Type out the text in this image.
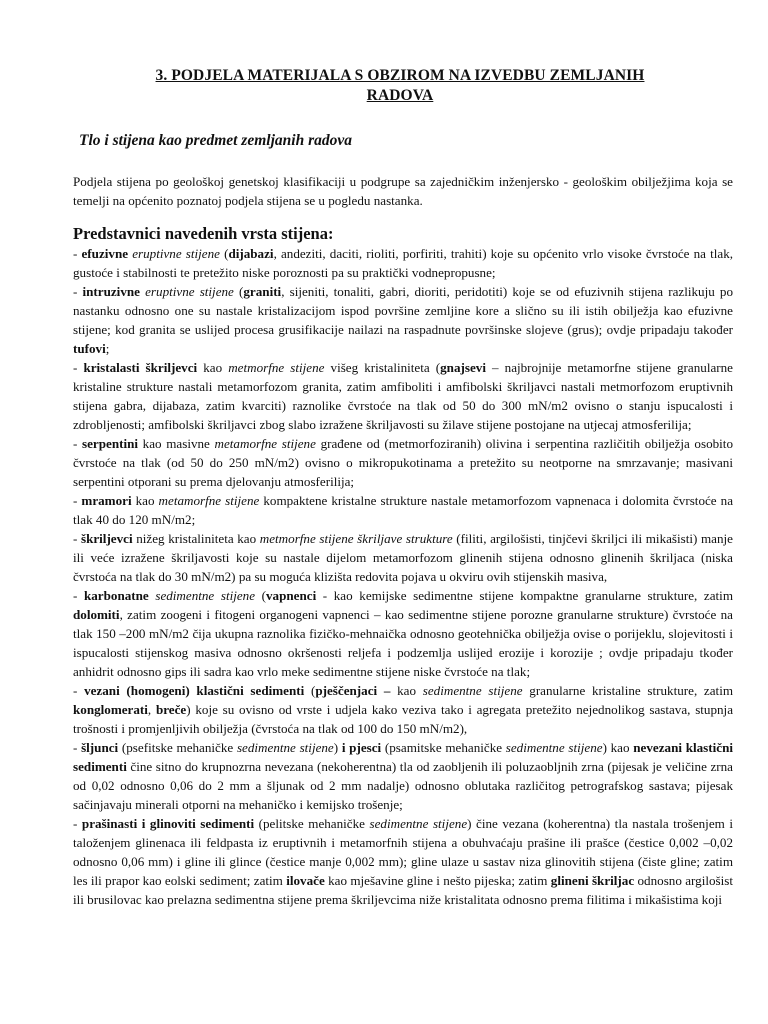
3. PODJELA MATERIJALA S OBZIROM NA IZVEDBU ZEMLJANIH
RADOVA
Tlo i stijena kao predmet zemljanih radova
Podjela stijena po geološkoj genetskoj klasifikaciji u podgrupe sa zajedničkim inženjersko - geološkim obilježjima koja se temelji na općenito poznatoj podjela stijena se u pogledu nastanka.
Predstavnici navedenih vrsta stijena:

- efuzivne eruptivne stijene (dijabazi, andeziti, daciti, rioliti, porfiriti, trahiti) koje su općenito vrlo visoke čvrstoće na tlak, gustoće i stabilnosti te pretežito niske poroznosti pa su praktički vodnepropusne;

- intruzivne eruptivne stijene (graniti, sijeniti, tonaliti, gabri, dioriti, peridotiti) koje se od efuzivnih stijena razlikuju po nastanku odnosno one su nastale kristalizacijom ispod površine zemljine kore a slično su ili istih obilježja kao efuzivne stijene; kod granita se uslijed procesa grusifikacije nailazi na raspadnute površinske slojeve (grus); ovdje pripadaju također tufovi;

- kristalasti škriljevci kao metmorfne stijene višeg kristaliniteta (gnajsevi – najbrojnije metamorfne stijene granularne kristaline strukture nastali metamorfozom granita, zatim amfiboliti i amfibolski škriljavci nastali metmorfozom eruptivnih stijena gabra, dijabaza, zatim kvarciti) raznolike čvrstoće na tlak od 50 do 300 mN/m2 ovisno o stanju ispucalosti i zdrobljenosti; amfibolski škriljavci zbog slabo izražene škriljavosti su žilave stijene postojane na utjecaj atmosferilija;

- serpentini kao masivne metamorfne stijene građene od (metmorfoziranih) olivina i serpentina različitih obilježja osobito čvrstoće na tlak (od 50 do 250 mN/m2) ovisno o mikropukotinama a pretežito su neotporne na smrzavanje; masivani serpentini otporani su prema djelovanju atmosferilija;

- mramori kao metamorfne stijene kompaktene kristalne strukture nastale metamorfozom vapnenaca i dolomita čvrstoće na tlak 40 do 120 mN/m2;

- škriljevci nižeg kristaliniteta kao metmorfne stijene škriljave strukture (filiti, argilošisti, tinjčevi škriljci ili mikašisti) manje ili veće izražene škriljavosti koje su nastale dijelom metamorfozom glinenih stijena odnosno glinenih škriljaca (niska čvrstoća na tlak do 30 mN/m2) pa su moguća klizišta redovita pojava u okviru ovih stijenskih masiva,

- karbonatne sedimentne stijene (vapnenci - kao kemijske sedimentne stijene kompaktne granularne strukture, zatim dolomiti, zatim zoogeni i fitogeni organogeni vapnenci – kao sedimentne stijene porozne granularne strukture) čvrstoće na tlak 150 –200 mN/m2 čija ukupna raznolika fizičko-mehnaička odnosno geotehnička obilježja ovise o porijeklu, slojevitosti i ispucalosti stijenskog masiva odnosno okršenosti reljefa i podzemlja uslijed erozije i korozije ; ovdje pripadaju tkođer anhidrit odnosno gips ili sadra kao vrlo meke sedimentne stijene niske čvrstoće na tlak;

- vezani (homogeni) klastični sedimenti (pješčenjaci – kao sedimentne stijene granularne kristaline strukture, zatim konglomerati, breče) koje su ovisno od vrste i udjela kako veziva tako i agregata pretežito nejednolikog sastava, stupnja trošnosti i promjenljivih obilježja (čvrstoća na tlak od 100 do 150 mN/m2),

- šljunci (psefitske mehaničke sedimentne stijene) i pjesci (psamitske mehaničke sedimentne stijene) kao nevezani klastični sedimenti čine sitno do krupnozrna nevezana (nekoherentna) tla od zaobljenih ili poluzaobljnih zrna (pijesak je veličine zrna od 0,02 odnosno 0,06 do 2 mm a šljunak od 2 mm nadalje) odnosno oblutaka različitog petrografskog sastava; pijesak sačinjavaju minerali otporni na mehaničko i kemijsko trošenje;

- prašinasti i glinoviti sedimenti (pelitske mehaničke sedimentne stijene) čine vezana (koherentna) tla nastala trošenjem i taloženjem glinenaca ili feldpasta iz eruptivnih i metamorfnih stijena a obuhvaćaju prašine ili prašce (čestice 0,002 –0,02 odnosno 0,06 mm) i gline ili glince (čestice manje 0,002 mm); gline ulaze u sastav niza glinovitih stijena (čiste gline; zatim les ili prapor kao eolski sediment; zatim ilovače kao mješavine gline i nešto pijeska; zatim glineni škriljac odnosno argilošist ili brusilovac kao prelazna sedimentna stijene prema škriljevcima niže kristalitata odnosno prema filitima i mikašistima koji
